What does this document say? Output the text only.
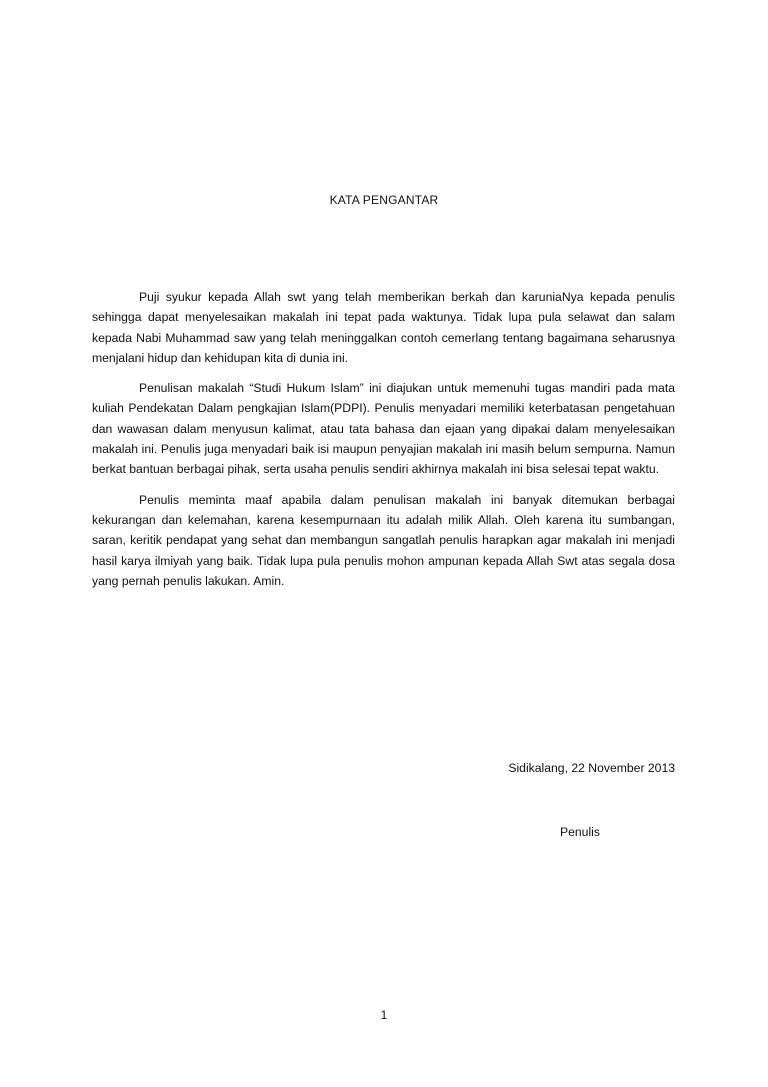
KATA PENGANTAR

Puji syukur kepada Allah swt yang telah memberikan berkah dan karuniaNya kepada penulis sehingga dapat menyelesaikan makalah ini tepat pada waktunya. Tidak lupa pula selawat dan salam kepada Nabi Muhammad saw yang telah meninggalkan contoh cemerlang tentang bagaimana seharusnya menjalani hidup dan kehidupan kita di dunia ini.

Penulisan makalah “Studi Hukum Islam” ini diajukan untuk memenuhi tugas mandiri pada mata kuliah Pendekatan Dalam pengkajian Islam(PDPI). Penulis menyadari memiliki keterbatasan pengetahuan dan wawasan dalam menyusun kalimat, atau tata bahasa dan ejaan yang dipakai dalam menyelesaikan makalah ini. Penulis juga menyadari baik isi maupun penyajian makalah ini masih belum sempurna. Namun berkat bantuan berbagai pihak, serta usaha penulis sendiri akhirnya makalah ini bisa selesai tepat waktu.

Penulis meminta maaf apabila dalam penulisan makalah ini banyak ditemukan berbagai kekurangan dan kelemahan, karena kesempurnaan itu adalah milik Allah. Oleh karena itu sumbangan, saran, keritik pendapat yang sehat dan membangun sangatlah penulis harapkan agar makalah ini menjadi hasil karya ilmiyah yang baik. Tidak lupa pula penulis mohon ampunan kepada Allah Swt atas segala dosa yang pernah penulis lakukan. Amin.

Sidikalang, 22 November 2013
Penulis
1
